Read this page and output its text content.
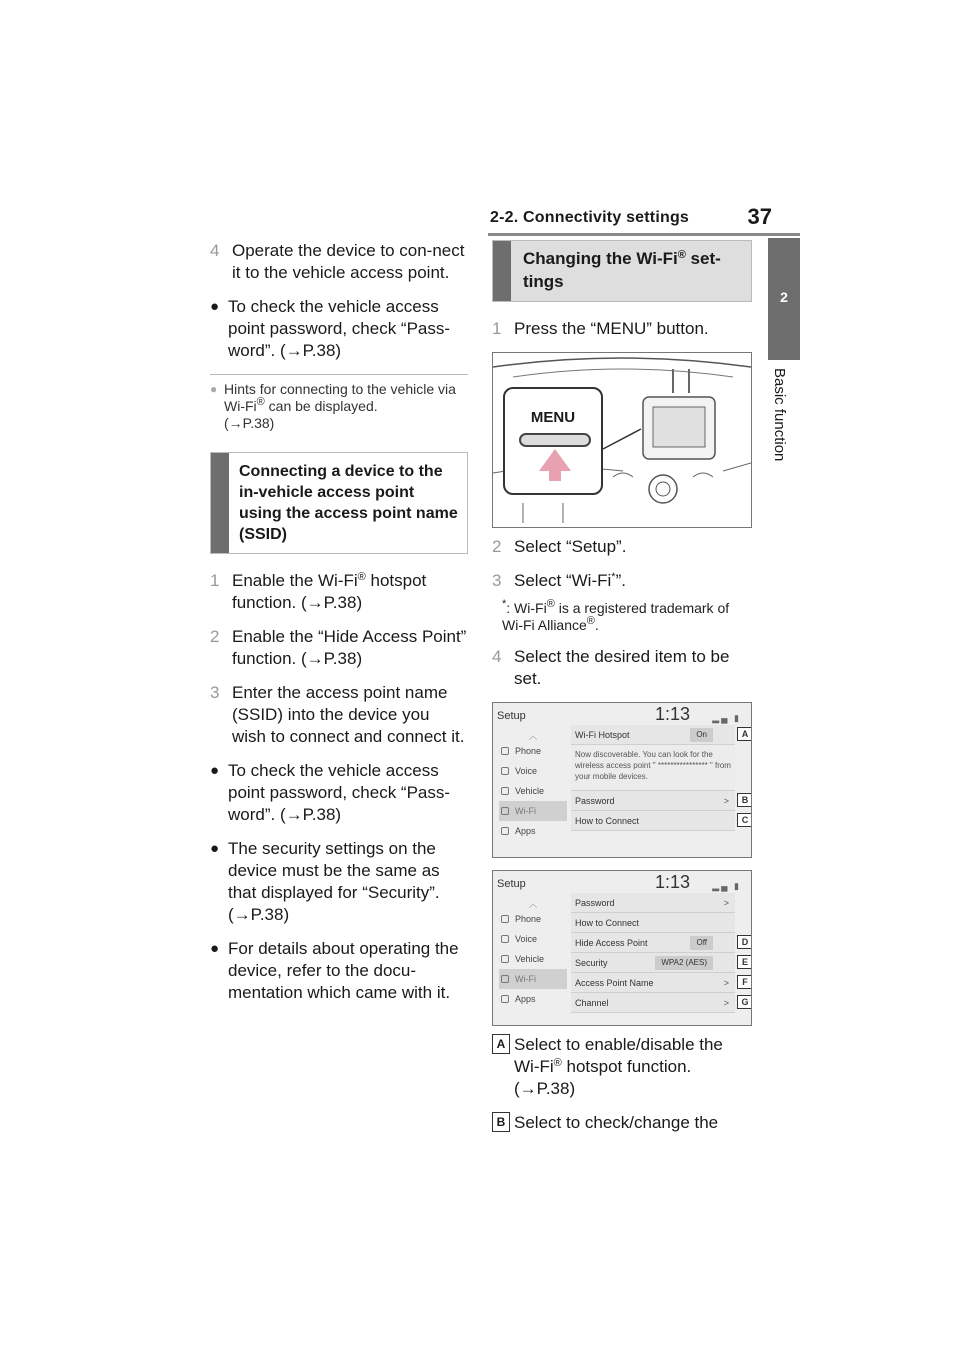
2-2. Connectivity settings	37
2
Basic function
4 Operate the device to con-nect it to the vehicle access point.
● To check the vehicle access point password, check “Pass-word”. (→P.38)
● Hints for connecting to the vehicle via Wi-Fi® can be displayed.
(→P.38)
Connecting a device to the in-vehicle access point using the access point name (SSID)
1 Enable the Wi-Fi® hotspot function. (→P.38)
2 Enable the “Hide Access Point” function. (→P.38)
3 Enter the access point name (SSID) into the device you wish to connect and connect it.
● To check the vehicle access point password, check “Pass-word”. (→P.38)
● The security settings on the device must be the same as that displayed for “Security”. (→P.38)
● For details about operating the device, refer to the docu-mentation which came with it.
Changing the Wi-Fi® set-tings
1 Press the “MENU” button.
MENU
2 Select “Setup”.
3 Select “Wi-Fi*”.
*: Wi-Fi® is a registered trademark of Wi-Fi Alliance®.
4 Select the desired item to be set.
Setup	1:13 ▂▄ ▮
︿
Phone
Voice
Vehicle
Wi-Fi
Apps
Wi-Fi Hotspot	On	A
Now discoverable. You can look for the wireless access point " **************** " from your mobile devices.
Password	>	B
How to Connect	C
Setup	1:13 ▂▄ ▮
︿
Phone
Voice
Vehicle
Wi-Fi
Apps
Password	>
How to Connect
Hide Access Point	Off	D
Security	WPA2 (AES)	E
Access Point Name	>	F
Channel	>	G
A Select to enable/disable the Wi-Fi® hotspot function. (→P.38)
B Select to check/change the
